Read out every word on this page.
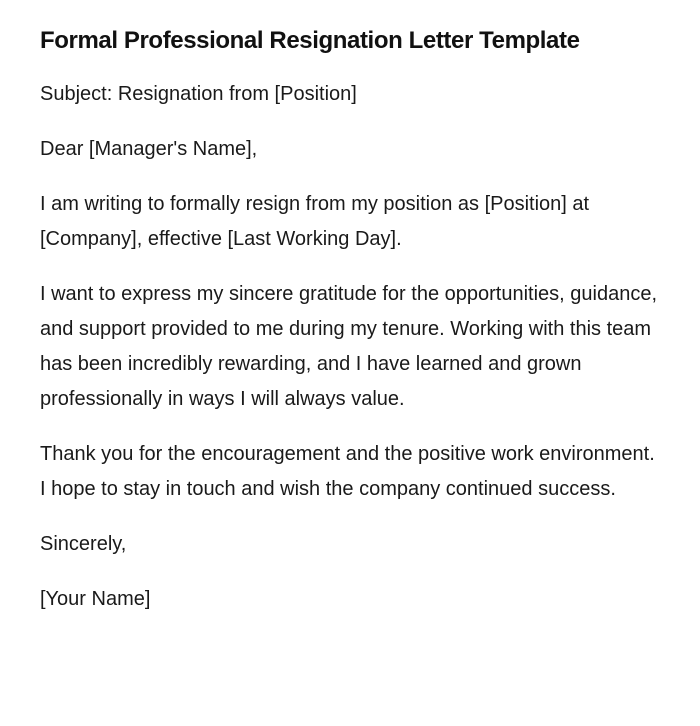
Formal Professional Resignation Letter Template

Subject: Resignation from [Position]

Dear [Manager's Name],

I am writing to formally resign from my position as [Position] at [Company], effective [Last Working Day].

I want to express my sincere gratitude for the opportunities, guidance, and support provided to me during my tenure. Working with this team has been incredibly rewarding, and I have learned and grown professionally in ways I will always value.

Thank you for the encouragement and the positive work environment. I hope to stay in touch and wish the company continued success.

Sincerely,

[Your Name]
